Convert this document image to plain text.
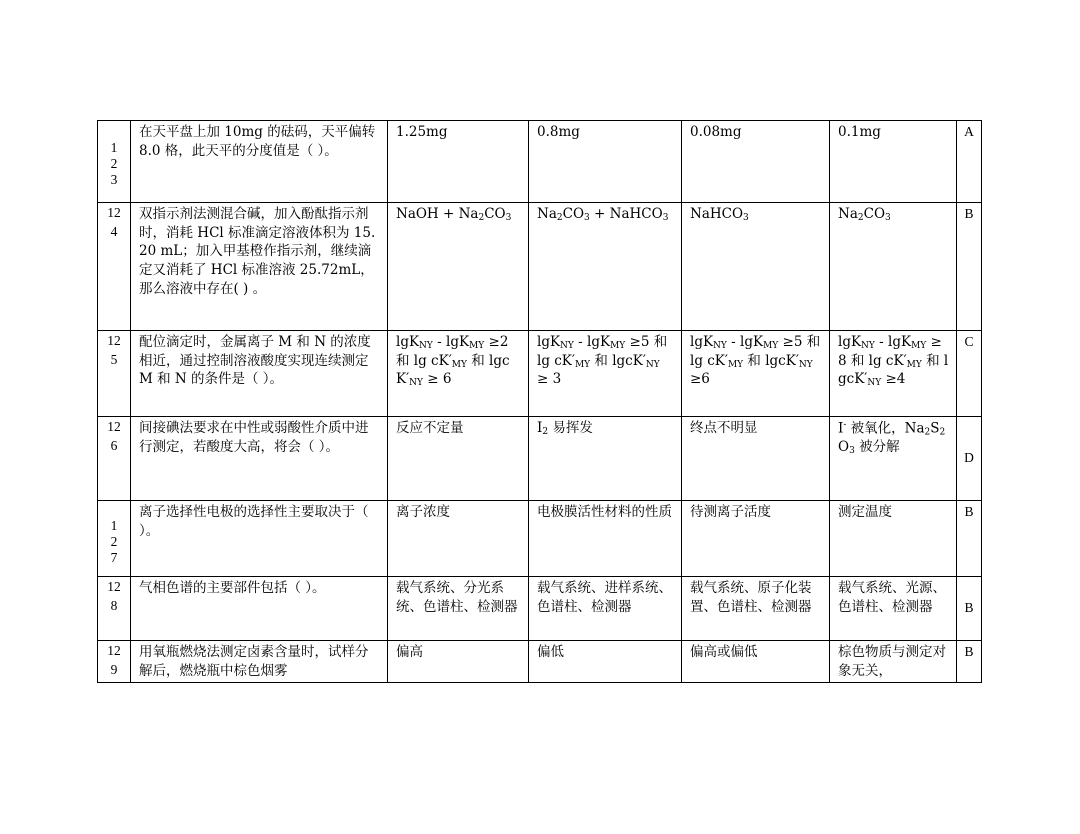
1
2
3	在天平盘上加 10mg 的砝码，天平偏转 8.0 格，此天平的分度值是（ ）。	1.25mg	0.8mg	0.08mg	0.1mg	A
12
4	双指示剂法测混合碱，加入酚酞指示剂时，消耗 HCl 标准滴定溶液体积为 15.20 mL；加入甲基橙作指示剂，继续滴定又消耗了 HCl 标准溶液 25.72mL，那么溶液中存在( ) 。	NaOH + $Na_2CO_3$	$Na_2CO_3$ + NaHCO$_3$	NaHCO$_3$	$Na_2CO_3$	B
12
5	配位滴定时，金属离子 M 和 N 的浓度相近，通过控制溶液酸度实现连续测定 M 和 N 的条件是（ ）。	lgK$_{NY}$ - lgK$_{MY}$ ≥2 和 $\lg cK'_{MY}$ 和 $lgcK'_{NY} \ge 6$	lgK$_{NY}$ - lgK$_{MY}$ ≥5 和 $\lg cK'_{MY}$ 和 $lgcK'_{NY} \ge 3$	lgK$_{NY}$ - lgK$_{MY}$ ≥5 和 $\lg cK'_{MY}$ 和 $lgcK'_{NY} \ge 6$	lgK$_{NY}$ - lgK$_{MY}$ ≥8 和 $\lg cK'_{MY}$ 和 $lgcK'_{NY} \ge 4$	C
12
6	间接碘法要求在中性或弱酸性介质中进行测定，若酸度大高，将会（ ）。	反应不定量	$I_2$ 易挥发	终点不明显	I- 被氧化，$Na_2S_2O_3$ 被分解	D

1
2
7	离子选择性电极的选择性主要取决于（ ）。	离子浓度	电极膜活性材料的性质	待测离子活度	测定温度	B
12
8	气相色谱的主要部件包括（ ）。	载气系统、分光系统、色谱柱、检测器	载气系统、进样系统、色谱柱、检测器	载气系统、原子化装置、色谱柱、检测器	载气系统、光源、色谱柱、检测器	B
12
9	用氧瓶燃烧法测定卤素含量时，试样分解后，燃烧瓶中棕色烟雾	偏高	偏低	偏高或偏低	棕色物质与测定对象无关，	B
